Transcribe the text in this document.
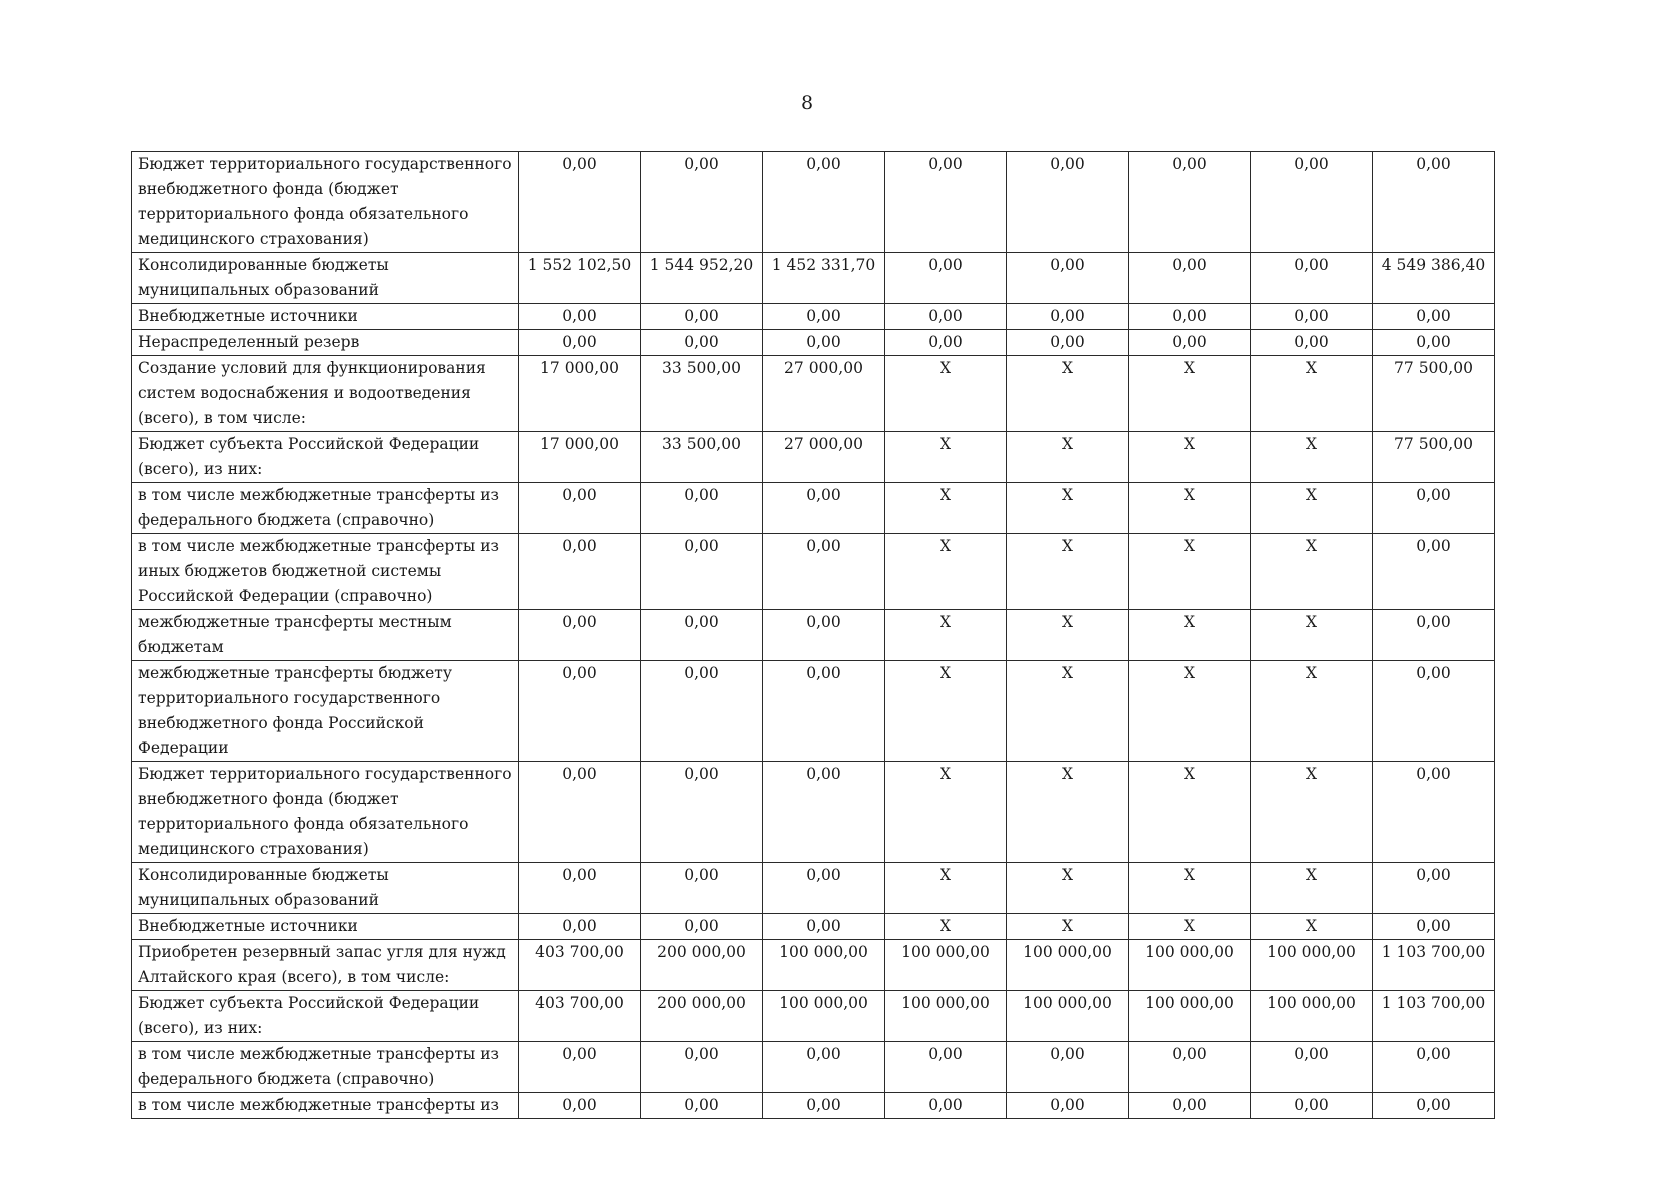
8
Бюджет территориального государственного внебюджетного фонда (бюджет территориального фонда обязательного медицинского страхования)	0,00	0,00	0,00	0,00	0,00	0,00	0,00	0,00
Консолидированные бюджеты муниципальных образований	1 552 102,50	1 544 952,20	1 452 331,70	0,00	0,00	0,00	0,00	4 549 386,40
Внебюджетные источники	0,00	0,00	0,00	0,00	0,00	0,00	0,00	0,00
Нераспределенный резерв	0,00	0,00	0,00	0,00	0,00	0,00	0,00	0,00
Создание условий для функционирования систем водоснабжения и водоотведения (всего), в том числе:	17 000,00	33 500,00	27 000,00	X	X	X	X	77 500,00
Бюджет субъекта Российской Федерации (всего), из них:	17 000,00	33 500,00	27 000,00	X	X	X	X	77 500,00
в том числе межбюджетные трансферты из федерального бюджета (справочно)	0,00	0,00	0,00	X	X	X	X	0,00
в том числе межбюджетные трансферты из иных бюджетов бюджетной системы Российской Федерации (справочно)	0,00	0,00	0,00	X	X	X	X	0,00
межбюджетные трансферты местным бюджетам	0,00	0,00	0,00	X	X	X	X	0,00
межбюджетные трансферты бюджету территориального государственного внебюджетного фонда Российской Федерации	0,00	0,00	0,00	X	X	X	X	0,00
Бюджет территориального государственного внебюджетного фонда (бюджет территориального фонда обязательного медицинского страхования)	0,00	0,00	0,00	X	X	X	X	0,00
Консолидированные бюджеты муниципальных образований	0,00	0,00	0,00	X	X	X	X	0,00
Внебюджетные источники	0,00	0,00	0,00	X	X	X	X	0,00
Приобретен резервный запас угля для нужд Алтайского края (всего), в том числе:	403 700,00	200 000,00	100 000,00	100 000,00	100 000,00	100 000,00	100 000,00	1 103 700,00
Бюджет субъекта Российской Федерации (всего), из них:	403 700,00	200 000,00	100 000,00	100 000,00	100 000,00	100 000,00	100 000,00	1 103 700,00
в том числе межбюджетные трансферты из федерального бюджета (справочно)	0,00	0,00	0,00	0,00	0,00	0,00	0,00	0,00
в том числе межбюджетные трансферты из	0,00	0,00	0,00	0,00	0,00	0,00	0,00	0,00
